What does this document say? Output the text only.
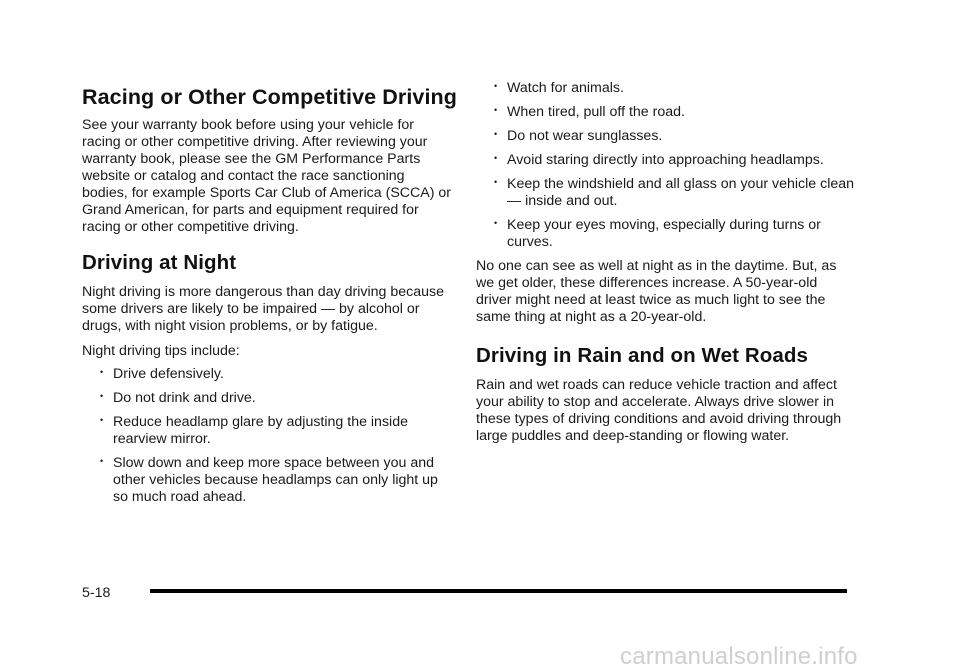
Racing or Other Competitive Driving

See your warranty book before using your vehicle for racing or other competitive driving. After reviewing your warranty book, please see the GM Performance Parts website or catalog and contact the race sanctioning bodies, for example Sports Car Club of America (SCCA) or Grand American, for parts and equipment required for racing or other competitive driving.

Driving at Night

Night driving is more dangerous than day driving because some drivers are likely to be impaired — by alcohol or drugs, with night vision problems, or by fatigue.

Night driving tips include:

• Drive defensively.
• Do not drink and drive.
• Reduce headlamp glare by adjusting the inside rearview mirror.
• Slow down and keep more space between you and other vehicles because headlamps can only light up so much road ahead.
• Watch for animals.
• When tired, pull off the road.
• Do not wear sunglasses.
• Avoid staring directly into approaching headlamps.
• Keep the windshield and all glass on your vehicle clean — inside and out.
• Keep your eyes moving, especially during turns or curves.

No one can see as well at night as in the daytime. But, as we get older, these differences increase. A 50-year-old driver might need at least twice as much light to see the same thing at night as a 20-year-old.

Driving in Rain and on Wet Roads

Rain and wet roads can reduce vehicle traction and affect your ability to stop and accelerate. Always drive slower in these types of driving conditions and avoid driving through large puddles and deep-standing or flowing water.

5-18
carmanualsonline.info
